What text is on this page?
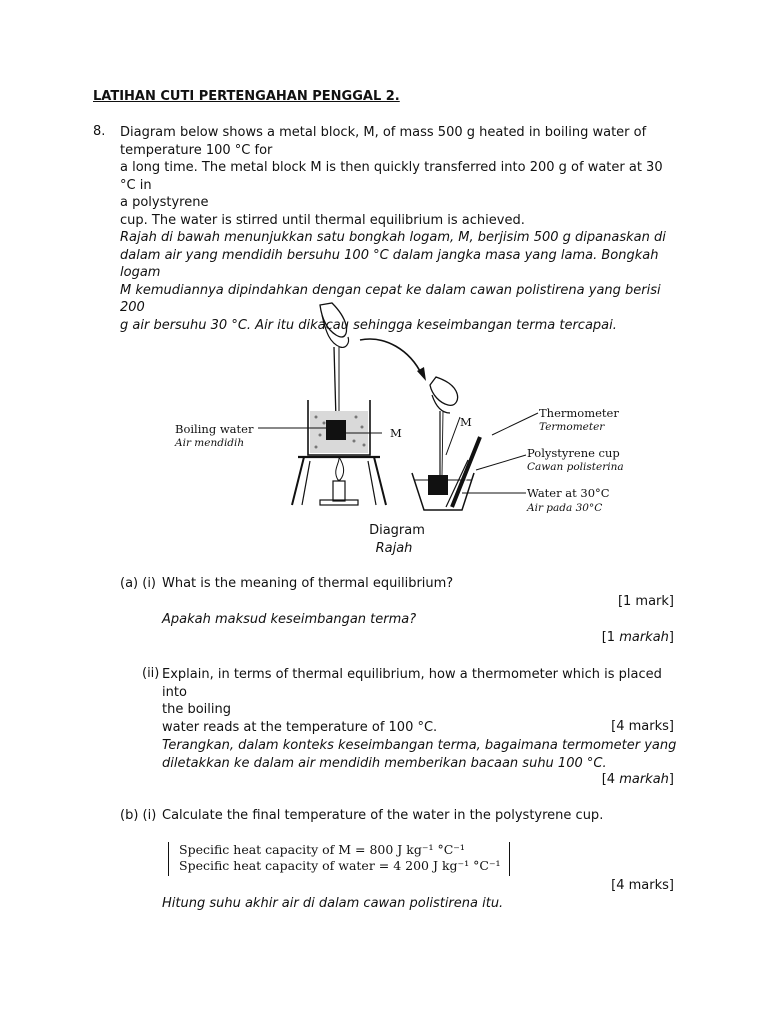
LATIHAN CUTI PERTENGAHAN PENGGAL 2.
8. Diagram below shows a metal block, M, of mass 500 g heated in boiling water of
temperature 100 °C for
a long time. The metal block M is then quickly transferred into 200 g of water at 30 °C in
a polystyrene
cup. The water is stirred until thermal equilibrium is achieved.
Rajah di bawah menunjukkan satu bongkah logam, M, berjisim 500 g dipanaskan di
dalam air yang mendidih bersuhu 100 °C dalam jangka masa yang lama. Bongkah logam
M kemudiannya dipindahkan dengan cepat ke dalam cawan polistirena yang berisi 200
g air bersuhu 30 °C. Air itu dikacau sehingga keseimbangan terma tercapai.
Boiling water
Air mendidih
M
M
Thermometer
Termometer
Polystyrene cup
Cawan polisterina
Water at 30°C
Air pada 30°C
Diagram
Rajah
(a) (i) What is the meaning of thermal equilibrium?
[1 mark]
Apakah maksud keseimbangan terma?
[1 markah]
(ii) Explain, in terms of thermal equilibrium, how a thermometer which is placed into
the boiling
water reads at the temperature of 100 °C.	[4 marks]
Terangkan, dalam konteks keseimbangan terma, bagaimana termometer yang
diletakkan ke dalam air mendidih memberikan bacaan suhu 100 °C.
[4 markah]
(b) (i) Calculate the final temperature of the water in the polystyrene cup.
Specific heat capacity of M = 800 J kg⁻¹ °C⁻¹
Specific heat capacity of water = 4 200 J kg⁻¹ °C⁻¹
[4 marks]
Hitung suhu akhir air di dalam cawan polistirena itu.
